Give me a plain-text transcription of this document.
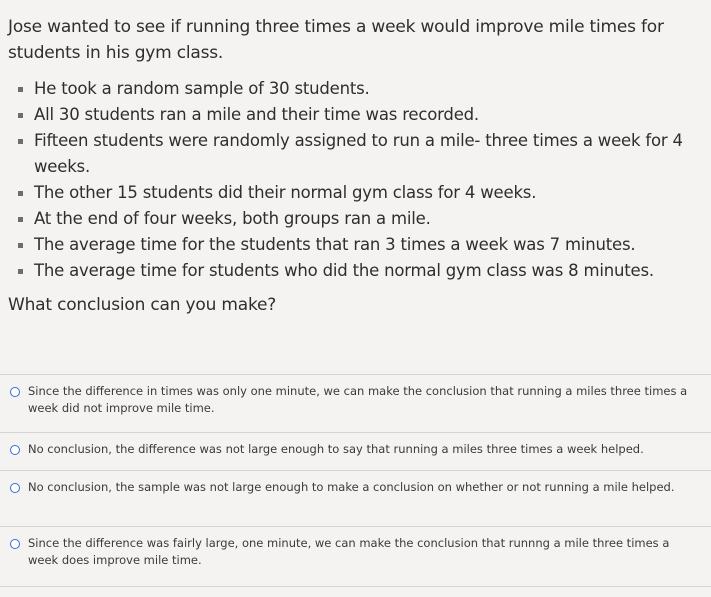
Jose wanted to see if running three times a week would improve mile times for students in his gym class.

He took a random sample of 30 students.
All 30 students ran a mile and their time was recorded.
Fifteen students were randomly assigned to run a mile- three times a week for 4 weeks.
The other 15 students did their normal gym class for 4 weeks.
At the end of four weeks, both groups ran a mile.
The average time for the students that ran 3 times a week was 7 minutes.
The average time for students who did the normal gym class was 8 minutes.

What conclusion can you make?

Since the difference in times was only one minute, we can make the conclusion that running a miles three times a week did not improve mile time.
No conclusion, the difference was not large enough to say that running a miles three times a week helped.
No conclusion, the sample was not large enough to make a conclusion on whether or not running a mile helped.
Since the difference was fairly large, one minute, we can make the conclusion that runnng a mile three times a week does improve mile time.
